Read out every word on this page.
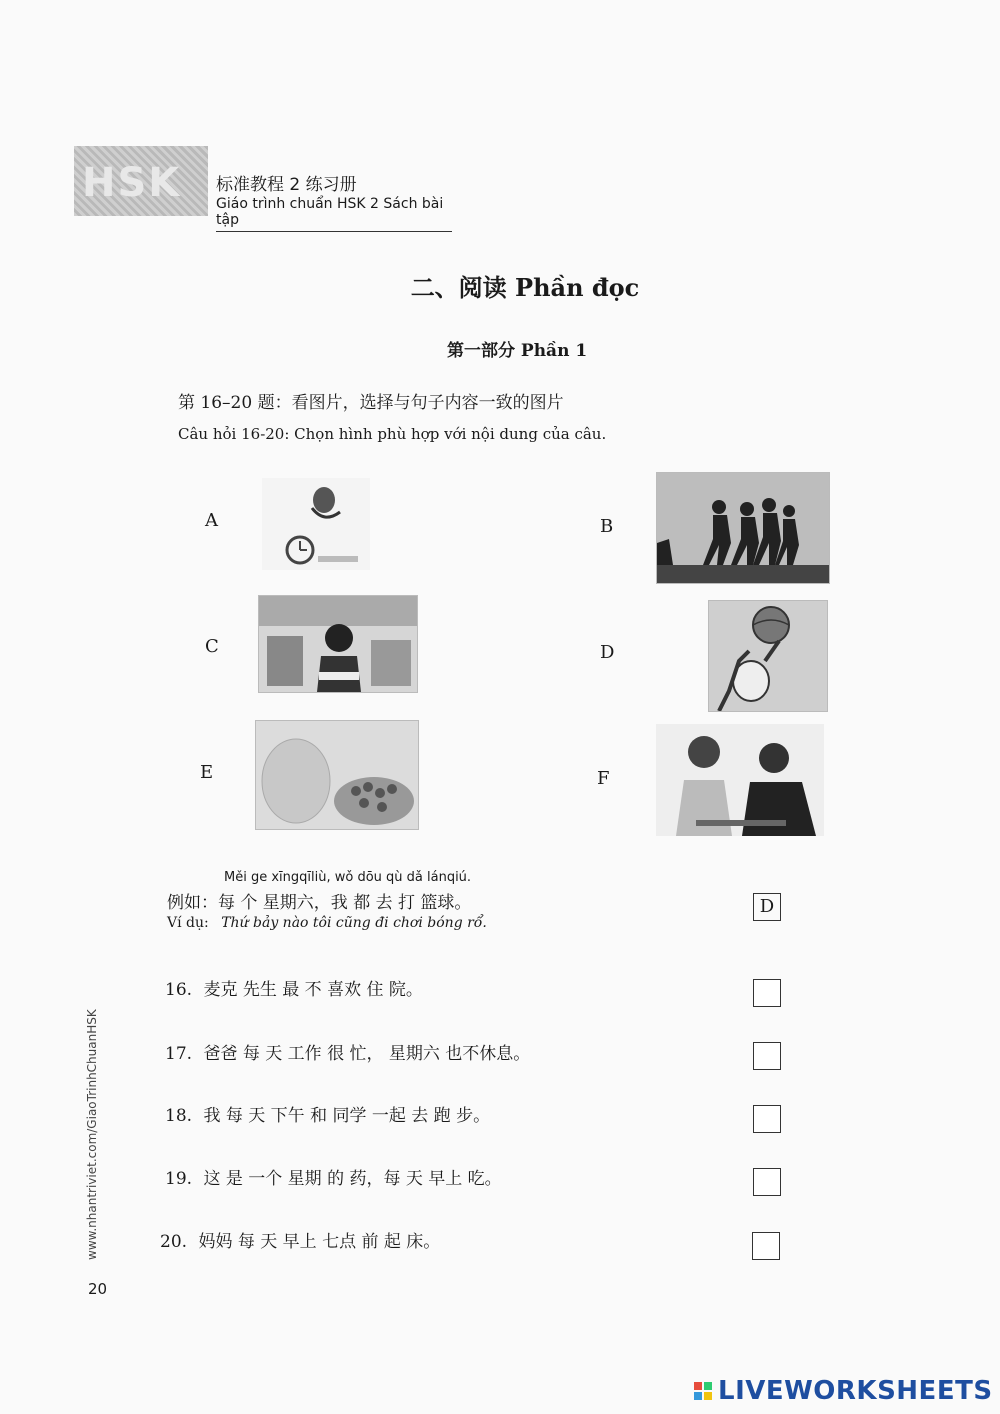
HSK 标准教程 2 练习册
Giáo trình chuẩn HSK 2 Sách bài tập
二、阅读 Phần đọc
第一部分 Phần 1
第 16–20 题：看图片，选择与句子内容一致的图片
Câu hỏi 16-20: Chọn hình phù hợp với nội dung của câu.
A	B
C	D
E	F
Měi ge xīngqīliù, wǒ dōu qù dǎ lánqiú.
例如：每 个 星期六，我 都 去 打 篮球。
Ví dụ: Thứ bảy nào tôi cũng đi chơi bóng rổ.
D
16. 麦克 先生 最 不 喜欢 住 院。
17. 爸爸 每 天 工作 很 忙， 星期六 也不休息。
18. 我 每 天 下午 和 同学 一起 去 跑 步。
19. 这 是 一个 星期 的 药，每 天 早上 吃。
20. 妈妈 每 天 早上 七点 前 起 床。
www.nhantriviet.com/GiaoTrinhChuanHSK
20
LIVEWORKSHEETS
